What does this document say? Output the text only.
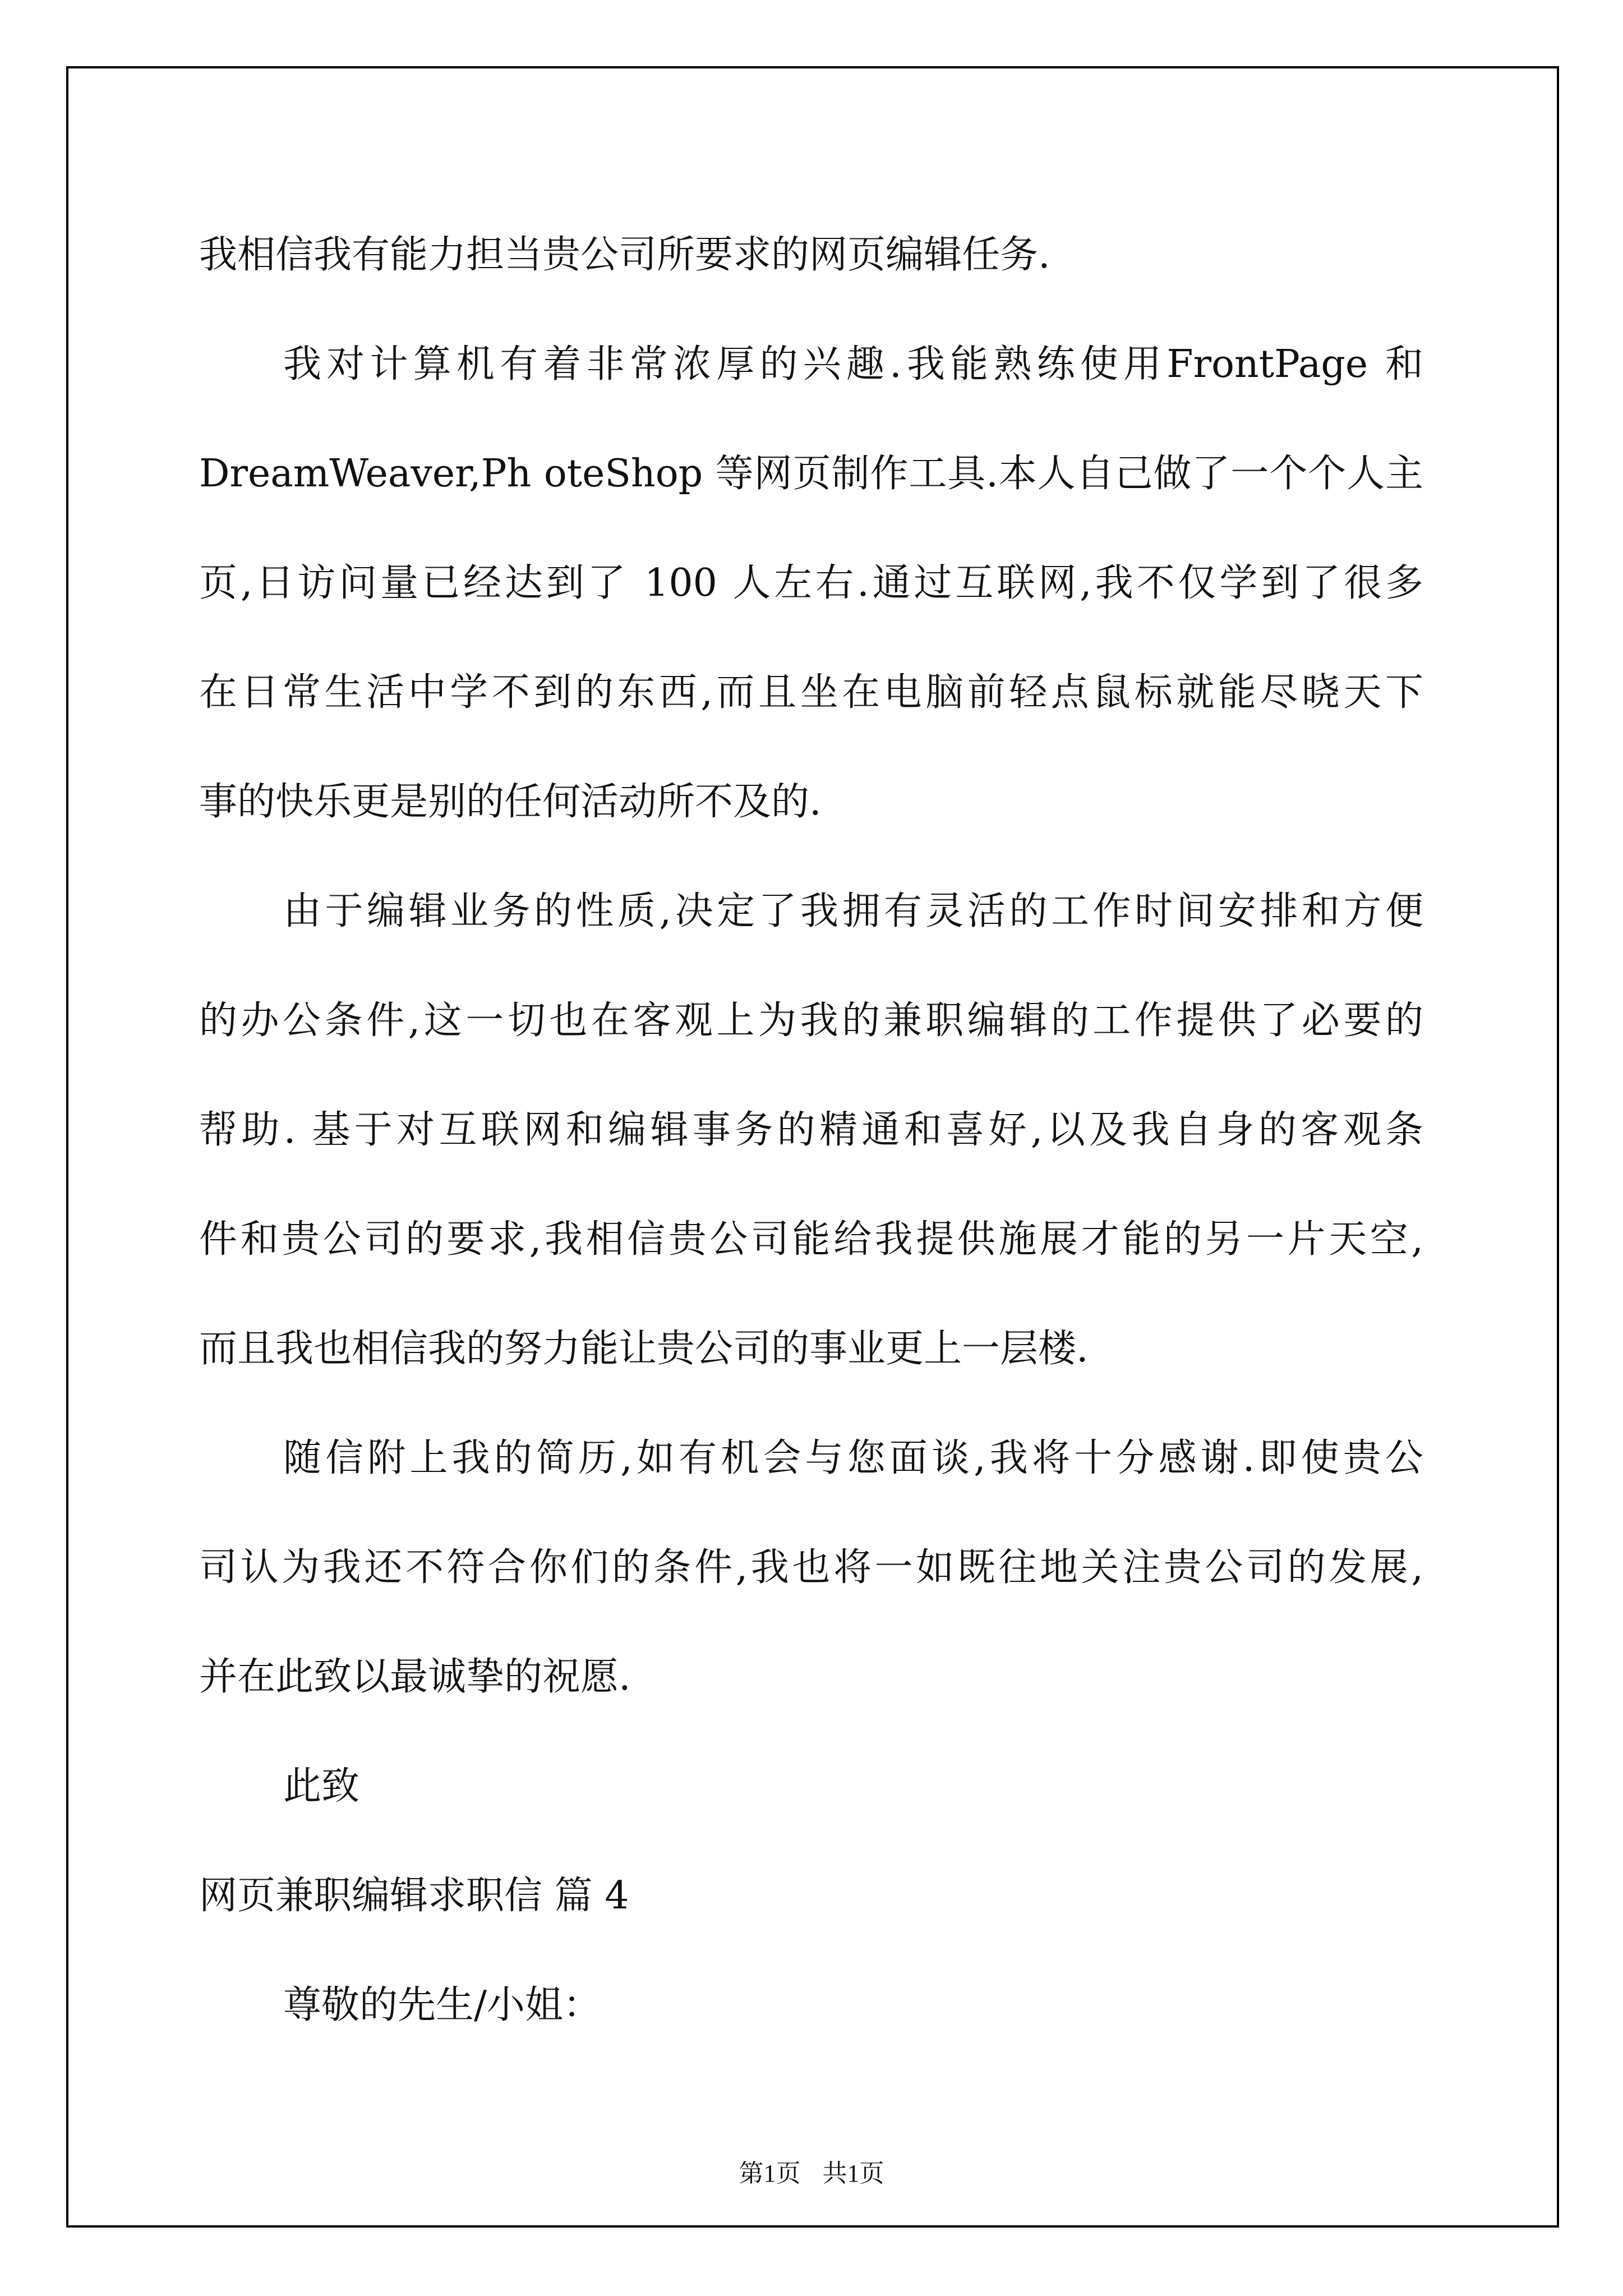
我相信我有能力担当贵公司所要求的网页编辑任务.

我对计算机有着非常浓厚的兴趣.我能熟练使用FrontPage 和

DreamWeaver,Ph oteShop 等网页制作工具.本人自己做了一个个人主

页,日访问量已经达到了 100 人左右.通过互联网,我不仅学到了很多

在日常生活中学不到的东西,而且坐在电脑前轻点鼠标就能尽晓天下

事的快乐更是别的任何活动所不及的.

由于编辑业务的性质,决定了我拥有灵活的工作时间安排和方便

的办公条件,这一切也在客观上为我的兼职编辑的工作提供了必要的

帮助. 基于对互联网和编辑事务的精通和喜好,以及我自身的客观条

件和贵公司的要求,我相信贵公司能给我提供施展才能的另一片天空,

而且我也相信我的努力能让贵公司的事业更上一层楼.

随信附上我的简历,如有机会与您面谈,我将十分感谢.即使贵公

司认为我还不符合你们的条件,我也将一如既往地关注贵公司的发展,

并在此致以最诚挚的祝愿.

此致

网页兼职编辑求职信 篇 4

尊敬的先生/小姐：

第1页 共1页
